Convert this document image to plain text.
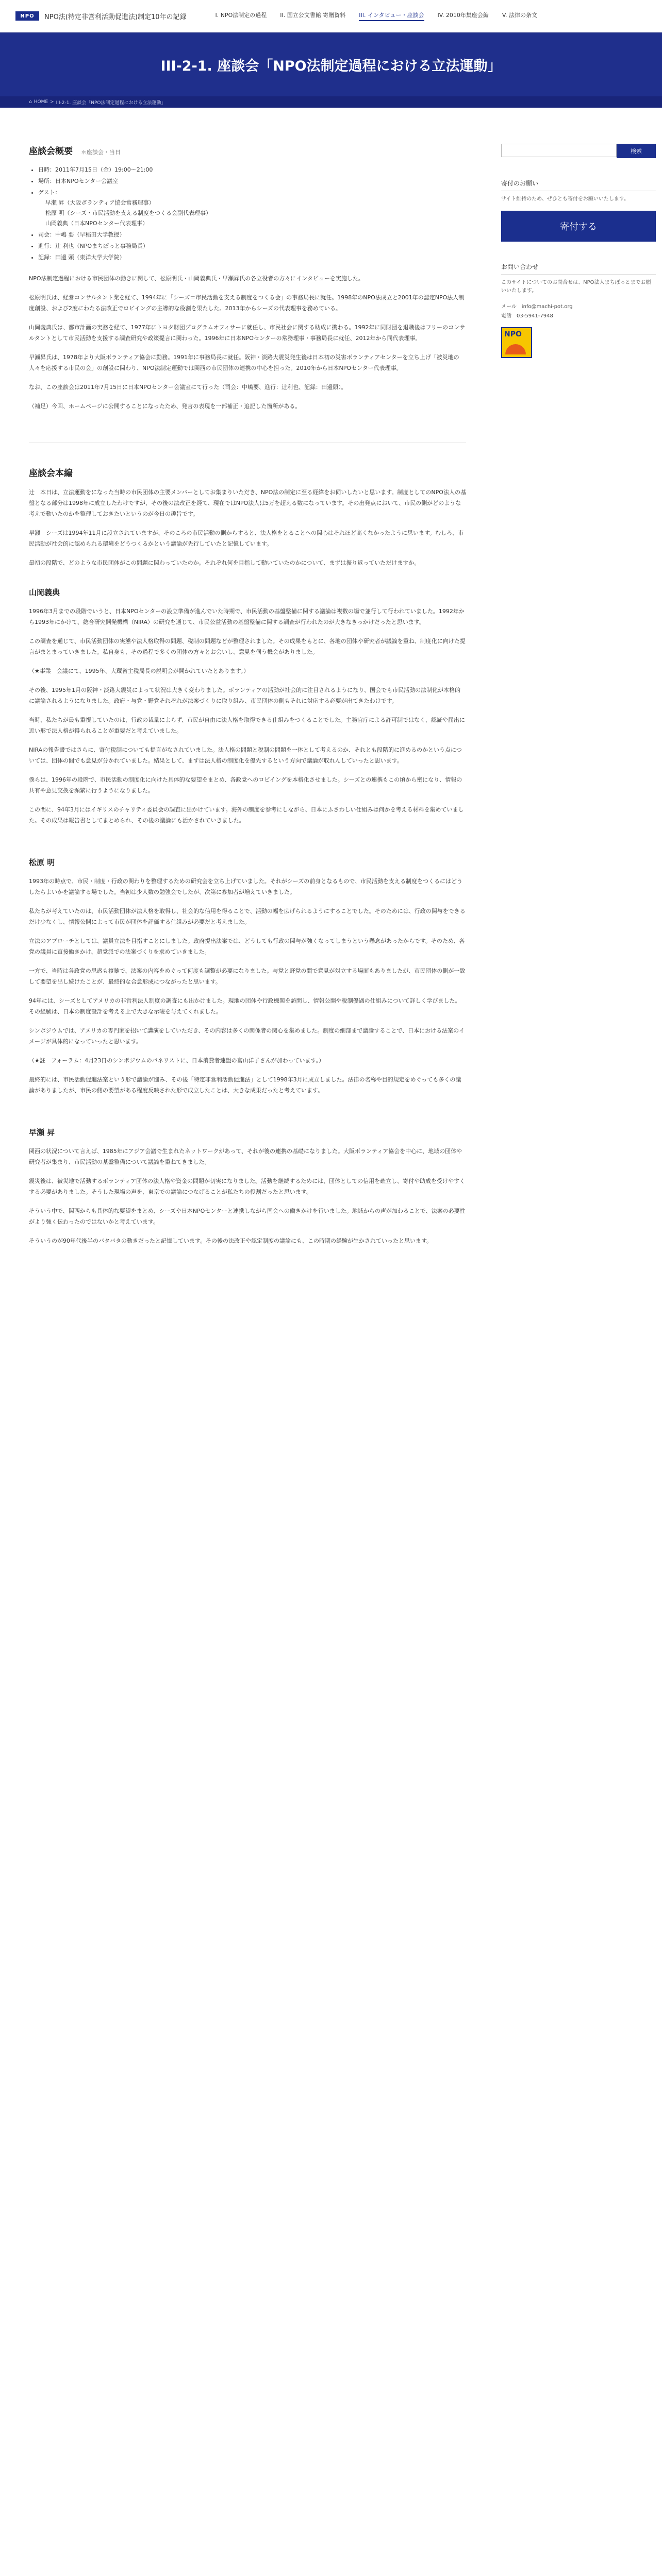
NPO	NPO法(特定非営利活動促進法)制定10年の記録	I. NPO法制定の過程 II. 国立公文書館 寄贈資料 III. インタビュー・座談会 IV. 2010年集座会編 V. 法律の条文
III-2-1. 座談会「NPO法制定過程における立法運動」
⌂ HOME > III-2-1. 座談会「NPO法制定過程における立法運動」
座談会概要 ＊座談会・当日
• 日時：2011年7月15日（金）19:00〜21:00
• 場所：日本NPOセンター会議室
• ゲスト：
早瀬 昇（大阪ボランティア協会常務理事）
松原 明（シーズ・市民活動を支える制度をつくる会副代表理事）
山岡義典（日本NPOセンター代表理事）
• 司会：中嶋 要（早稲田大学教授）
• 進行：辻 利也（NPOまちぽっと事務局長）
• 記録：田邊 頭（東洋大学大学院）

NPO法制定過程における市民団体の動きに関して、松原明氏・山岡義典氏・早瀬昇氏の各立役者の方々にインタビューを実施した。

松原明氏は、経営コンサルタント業を経て、1994年に「シーズ＝市民活動を支える制度をつくる会」の事務局長に就任。1998年のNPO法成立と2001年の認定NPO法人制度創設、および2度にわたる法改正でロビイングの主導的な役割を果たした。2013年からシーズの代表理事を務めている。

山岡義典氏は、都市計画の実務を経て、1977年にトヨタ財団プログラムオフィサーに就任し、市民社会に関する助成に携わる。1992年に同財団を退職後はフリーのコンサルタントとして市民活動を支援する調査研究や政策提言に関わった。1996年に日本NPOセンターの常務理事・事務局長に就任、2012年から同代表理事。

早瀬昇氏は、1978年より大阪ボランティア協会に勤務。1991年に事務局長に就任。阪神・淡路大震災発生後は日本初の災害ボランティアセンターを立ち上げ「被災地の人々を応援する市民の会」の創設に関わり、NPO法制定運動では関西の市民団体の連携の中心を担った。2010年から日本NPOセンター代表理事。

なお、この座談会は2011年7月15日に日本NPOセンター会議室にて行った（司会：中嶋要、進行：辻利也、記録：田邊頭）。

（補足）今回、ホームページに公開することになったため、発言の表現を一部補正・追記した箇所がある。

座談会本編

辻　本日は、立法運動をになった当時の市民団体の主要メンバーとしてお集まりいただき、NPO法の制定に至る経緯をお伺いしたいと思います。制度としてのNPO法人の基盤となる部分は1998年に成立したわけですが、その後の法改正を経て、現在ではNPO法人は5万を超える数になっています。その出発点において、市民の側がどのような考えで動いたのかを整理しておきたいというのが今日の趣旨です。

早瀬　シーズは1994年11月に設立されていますが、そのころの市民活動の側からすると、法人格をとることへの関心はそれほど高くなかったように思います。むしろ、市民活動が社会的に認められる環境をどうつくるかという議論が先行していたと記憶しています。

最初の段階で、どのような市民団体がこの問題に関わっていたのか。それぞれ何を目指して動いていたのかについて、まずは振り返っていただけますか。

山岡義典

1996年3月までの段階でいうと、日本NPOセンターの設立準備が進んでいた時期で、市民活動の基盤整備に関する議論は複数の場で並行して行われていました。1992年から1993年にかけて、総合研究開発機構（NIRA）の研究を通じて、市民公益活動の基盤整備に関する調査が行われたのが大きなきっかけだったと思います。

この調査を通じて、市民活動団体の実態や法人格取得の問題、税制の問題などが整理されました。その成果をもとに、各地の団体や研究者が議論を重ね、制度化に向けた提言がまとまっていきました。私自身も、その過程で多くの団体の方々とお会いし、意見を伺う機会がありました。

（★事業　会議にて、1995年、大蔵省主税局長の説明会が開かれていたとあります。）

その後、1995年1月の阪神・淡路大震災によって状況は大きく変わりました。ボランティアの活動が社会的に注目されるようになり、国会でも市民活動の法制化が本格的に議論されるようになりました。政府・与党・野党それぞれが法案づくりに取り組み、市民団体の側もそれに対応する必要が出てきたわけです。

当時、私たちが最も重視していたのは、行政の裁量によらず、市民が自由に法人格を取得できる仕組みをつくることでした。主務官庁による許可制ではなく、認証や届出に近い形で法人格が得られることが重要だと考えていました。

NIRAの報告書ではさらに、寄付税制についても提言がなされていました。法人格の問題と税制の問題を一体として考えるのか、それとも段階的に進めるのかという点については、団体の間でも意見が分かれていました。結果として、まずは法人格の制度化を優先するという方向で議論が収れんしていったと思います。

僕らは、1996年の段階で、市民活動の制度化に向けた具体的な要望をまとめ、各政党へのロビイングを本格化させました。シーズとの連携もこの頃から密になり、情報の共有や意見交換を頻繁に行うようになりました。

この間に、94年3月にはイギリスのチャリティ委員会の調査に出かけています。海外の制度を参考にしながら、日本にふさわしい仕組みは何かを考える材料を集めていました。その成果は報告書としてまとめられ、その後の議論にも活かされていきました。

松原 明

1993年の時点で、市民・制度・行政の関わりを整理するための研究会を立ち上げていました。それがシーズの前身となるもので、市民活動を支える制度をつくるにはどうしたらよいかを議論する場でした。当初は少人数の勉強会でしたが、次第に参加者が増えていきました。

私たちが考えていたのは、市民活動団体が法人格を取得し、社会的な信用を得ることで、活動の幅を広げられるようにすることでした。そのためには、行政の関与をできるだけ少なくし、情報公開によって市民が団体を評価する仕組みが必要だと考えました。

立法のアプローチとしては、議員立法を目指すことにしました。政府提出法案では、どうしても行政の関与が強くなってしまうという懸念があったからです。そのため、各党の議員に直接働きかけ、超党派での法案づくりを求めていきました。

一方で、当時は各政党の思惑も複雑で、法案の内容をめぐって何度も調整が必要になりました。与党と野党の間で意見が対立する場面もありましたが、市民団体の側が一致して要望を出し続けたことが、最終的な合意形成につながったと思います。

94年には、シーズとしてアメリカの非営利法人制度の調査にも出かけました。現地の団体や行政機関を訪問し、情報公開や税制優遇の仕組みについて詳しく学びました。その経験は、日本の制度設計を考える上で大きな示唆を与えてくれました。

シンポジウムでは、アメリカの専門家を招いて講演をしていただき、その内容は多くの関係者の関心を集めました。制度の細部まで議論することで、日本における法案のイメージが具体的になっていったと思います。

（★註　フォーラム：4月23日のシンポジウムのパネリストに、日本消費者連盟の富山洋子さんが加わっています。）

最終的には、市民活動促進法案という形で議論が進み、その後「特定非営利活動促進法」として1998年3月に成立しました。法律の名称や目的規定をめぐっても多くの議論がありましたが、市民の側の要望がある程度反映された形で成立したことは、大きな成果だったと考えています。

早瀬 昇

関西の状況について言えば、1985年にアジア会議で生まれたネットワークがあって、それが後の連携の基礎になりました。大阪ボランティア協会を中心に、地域の団体や研究者が集まり、市民活動の基盤整備について議論を重ねてきました。

震災後は、被災地で活動するボランティア団体の法人格や資金の問題が切実になりました。活動を継続するためには、団体としての信用を確立し、寄付や助成を受けやすくする必要がありました。そうした現場の声を、東京での議論につなげることが私たちの役割だったと思います。

そういう中で、関西からも具体的な要望をまとめ、シーズや日本NPOセンターと連携しながら国会への働きかけを行いました。地域からの声が加わることで、法案の必要性がより強く伝わったのではないかと考えています。

そういうのが90年代後半のバタバタの動きだったと記憶しています。その後の法改正や認定制度の議論にも、この時期の経験が生かされていったと思います。

検索
寄付のお願い

サイト維持のため、ぜひとも寄付をお願いいたします。

寄付する
お問い合わせ

このサイトについてのお問合せは、NPO法人まちぽっとまでお願いいたします。

メール　info@machi-pot.org
電話　03-5941-7948
NPO
